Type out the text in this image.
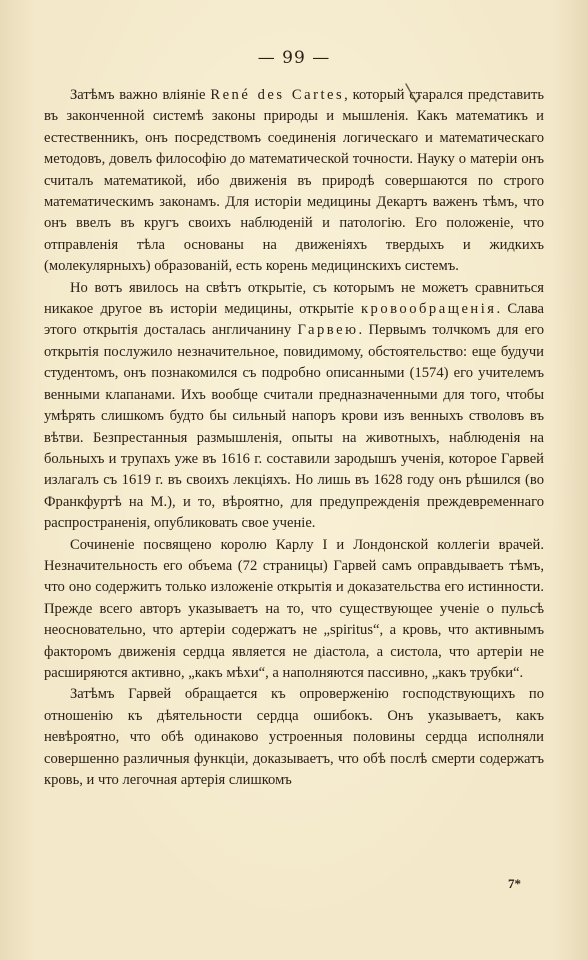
— 99 —

Затѣмъ важно вліяніе René des Cartes, который старался представить въ законченной системѣ законы природы и мышленія. Какъ математикъ и естественникъ, онъ посредствомъ соединенія логическаго и математическаго методовъ, довелъ философію до математической точности. Науку о матеріи онъ считалъ математикой, ибо движенія въ природѣ совершаются по строго математическимъ законамъ. Для исторіи медицины Декартъ важенъ тѣмъ, что онъ ввелъ въ кругъ своихъ наблюденій и патологію. Его положеніе, что отправленія тѣла основаны на движеніяхъ твердыхъ и жидкихъ (молекулярныхъ) образованій, есть корень медицинскихъ системъ.

Но вотъ явилось на свѣтъ открытіе, съ которымъ не можетъ сравниться никакое другое въ исторіи медицины, открытіе кровообращенія. Слава этого открытія досталась англичанину Гарвею. Первымъ толчкомъ для его открытія послужило незначительное, повидимому, обстоятельство: еще будучи студентомъ, онъ познакомился съ подробно описанными (1574) его учителемъ венными клапанами. Ихъ вообще считали предназначенными для того, чтобы умѣрять слишкомъ будто бы сильный напоръ крови изъ венныхъ стволовъ въ вѣтви. Безпрестанныя размышленія, опыты на животныхъ, наблюденія на больныхъ и трупахъ уже въ 1616 г. составили зародышъ ученія, которое Гарвей излагалъ съ 1619 г. въ своихъ лекціяхъ. Но лишь въ 1628 году онъ рѣшился (во Франкфуртѣ на М.), и то, вѣроятно, для предупрежденія преждевременнаго распространенія, опубликовать свое ученіе.

Сочиненіе посвящено королю Карлу I и Лондонской коллегіи врачей. Незначительность его объема (72 страницы) Гарвей самъ оправдываетъ тѣмъ, что оно содержитъ только изложеніе открытія и доказательства его истинности. Прежде всего авторъ указываетъ на то, что существующее ученіе о пульсѣ неосновательно, что артеріи содержатъ не „spiritus“, а кровь, что активнымъ факторомъ движенія сердца является не діастола, а систола, что артеріи не расширяются активно, „какъ мѣхи“, а наполняются пассивно, „какъ трубки“.

Затѣмъ Гарвей обращается къ опроверженію господствующихъ по отношенію къ дѣятельности сердца ошибокъ. Онъ указываетъ, какъ невѣроятно, что обѣ одинаково устроенныя половины сердца исполняли совершенно различныя функціи, доказываетъ, что обѣ послѣ смерти содержатъ кровь, и что легочная артерія слишкомъ

7*
